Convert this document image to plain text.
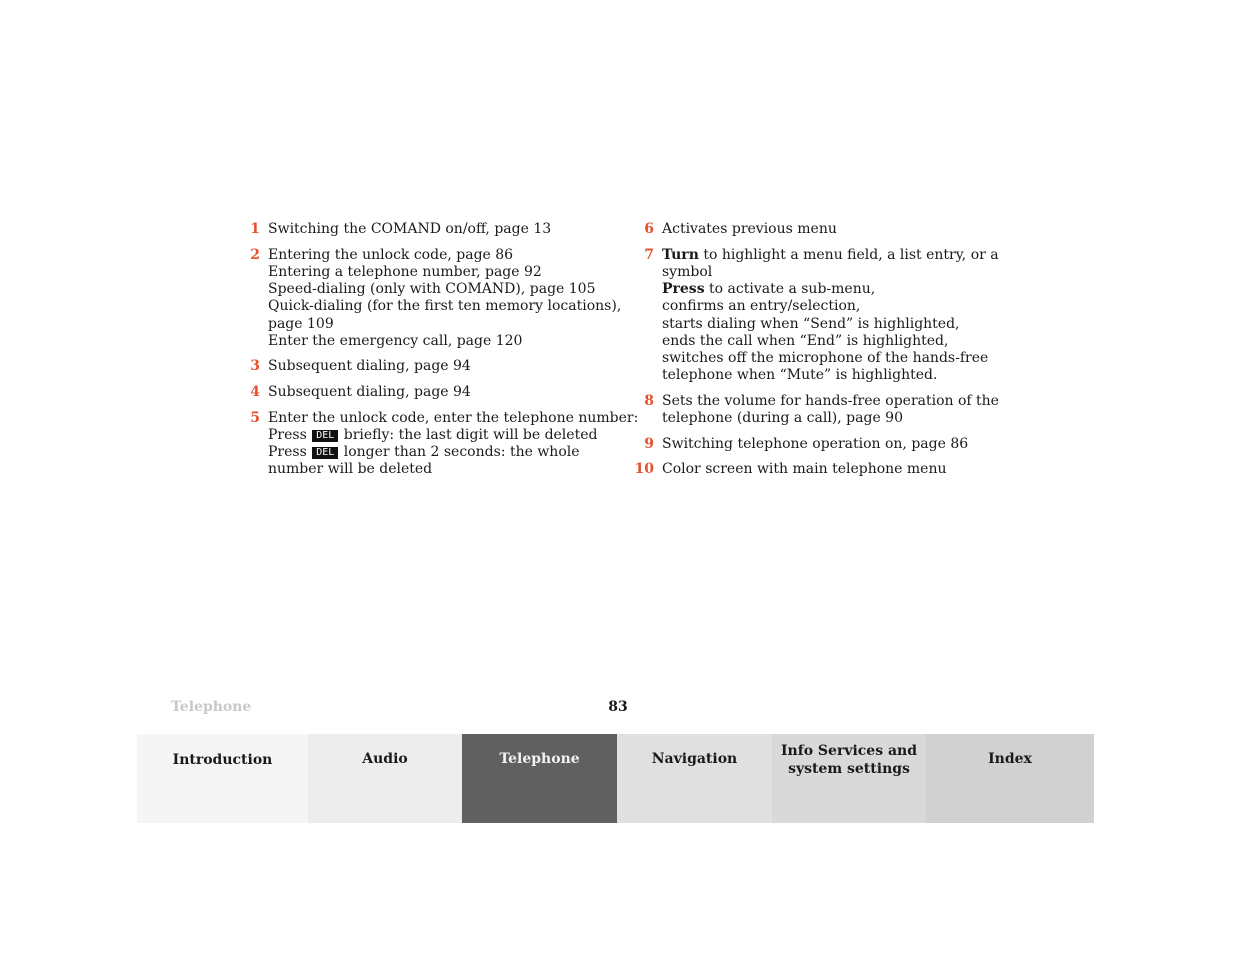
1 Switching the COMAND on/off, page 13
2 Entering the unlock code, page 86
Entering a telephone number, page 92
Speed-dialing (only with COMAND), page 105
Quick-dialing (for the first ten memory locations),
page 109
Enter the emergency call, page 120
3 Subsequent dialing, page 94
4 Subsequent dialing, page 94
5 Enter the unlock code, enter the telephone number:
Press DEL briefly: the last digit will be deleted
Press DEL longer than 2 seconds: the whole
number will be deleted
6 Activates previous menu
7 Turn to highlight a menu field, a list entry, or a
symbol
Press to activate a sub-menu,
confirms an entry/selection,
starts dialing when “Send” is highlighted,
ends the call when “End” is highlighted,
switches off the microphone of the hands-free
telephone when “Mute” is highlighted.
8 Sets the volume for hands-free operation of the
telephone (during a call), page 90
9 Switching telephone operation on, page 86
10 Color screen with main telephone menu
Telephone	83
Introduction	Audio	Telephone	Navigation	Info Services and
system settings
Index
